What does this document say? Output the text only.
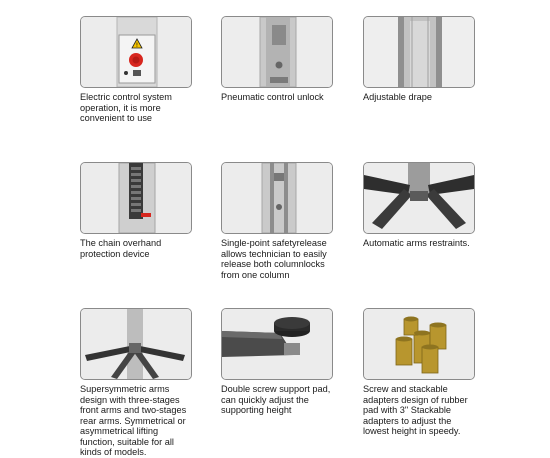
!
Electric control system
operation, it is more
convenient to use
Pneumatic control unlock	Adjustable drape
The chain overhand
protection device
Single-point safetyrelease
allows technician to easily
release both columnlocks
from one column
Automatic arms restraints.
Supersymmetric arms
design with three-stages
front arms and two-stages
rear arms. Symmetrical or
asymmetrical lifting
function, suitable for all
kinds of models.
Double screw support pad,
can quickly adjust the
supporting height
Screw and stackable
adapters design of rubber
pad with 3" Stackable
adapters to adjust the
lowest height in speedy.
